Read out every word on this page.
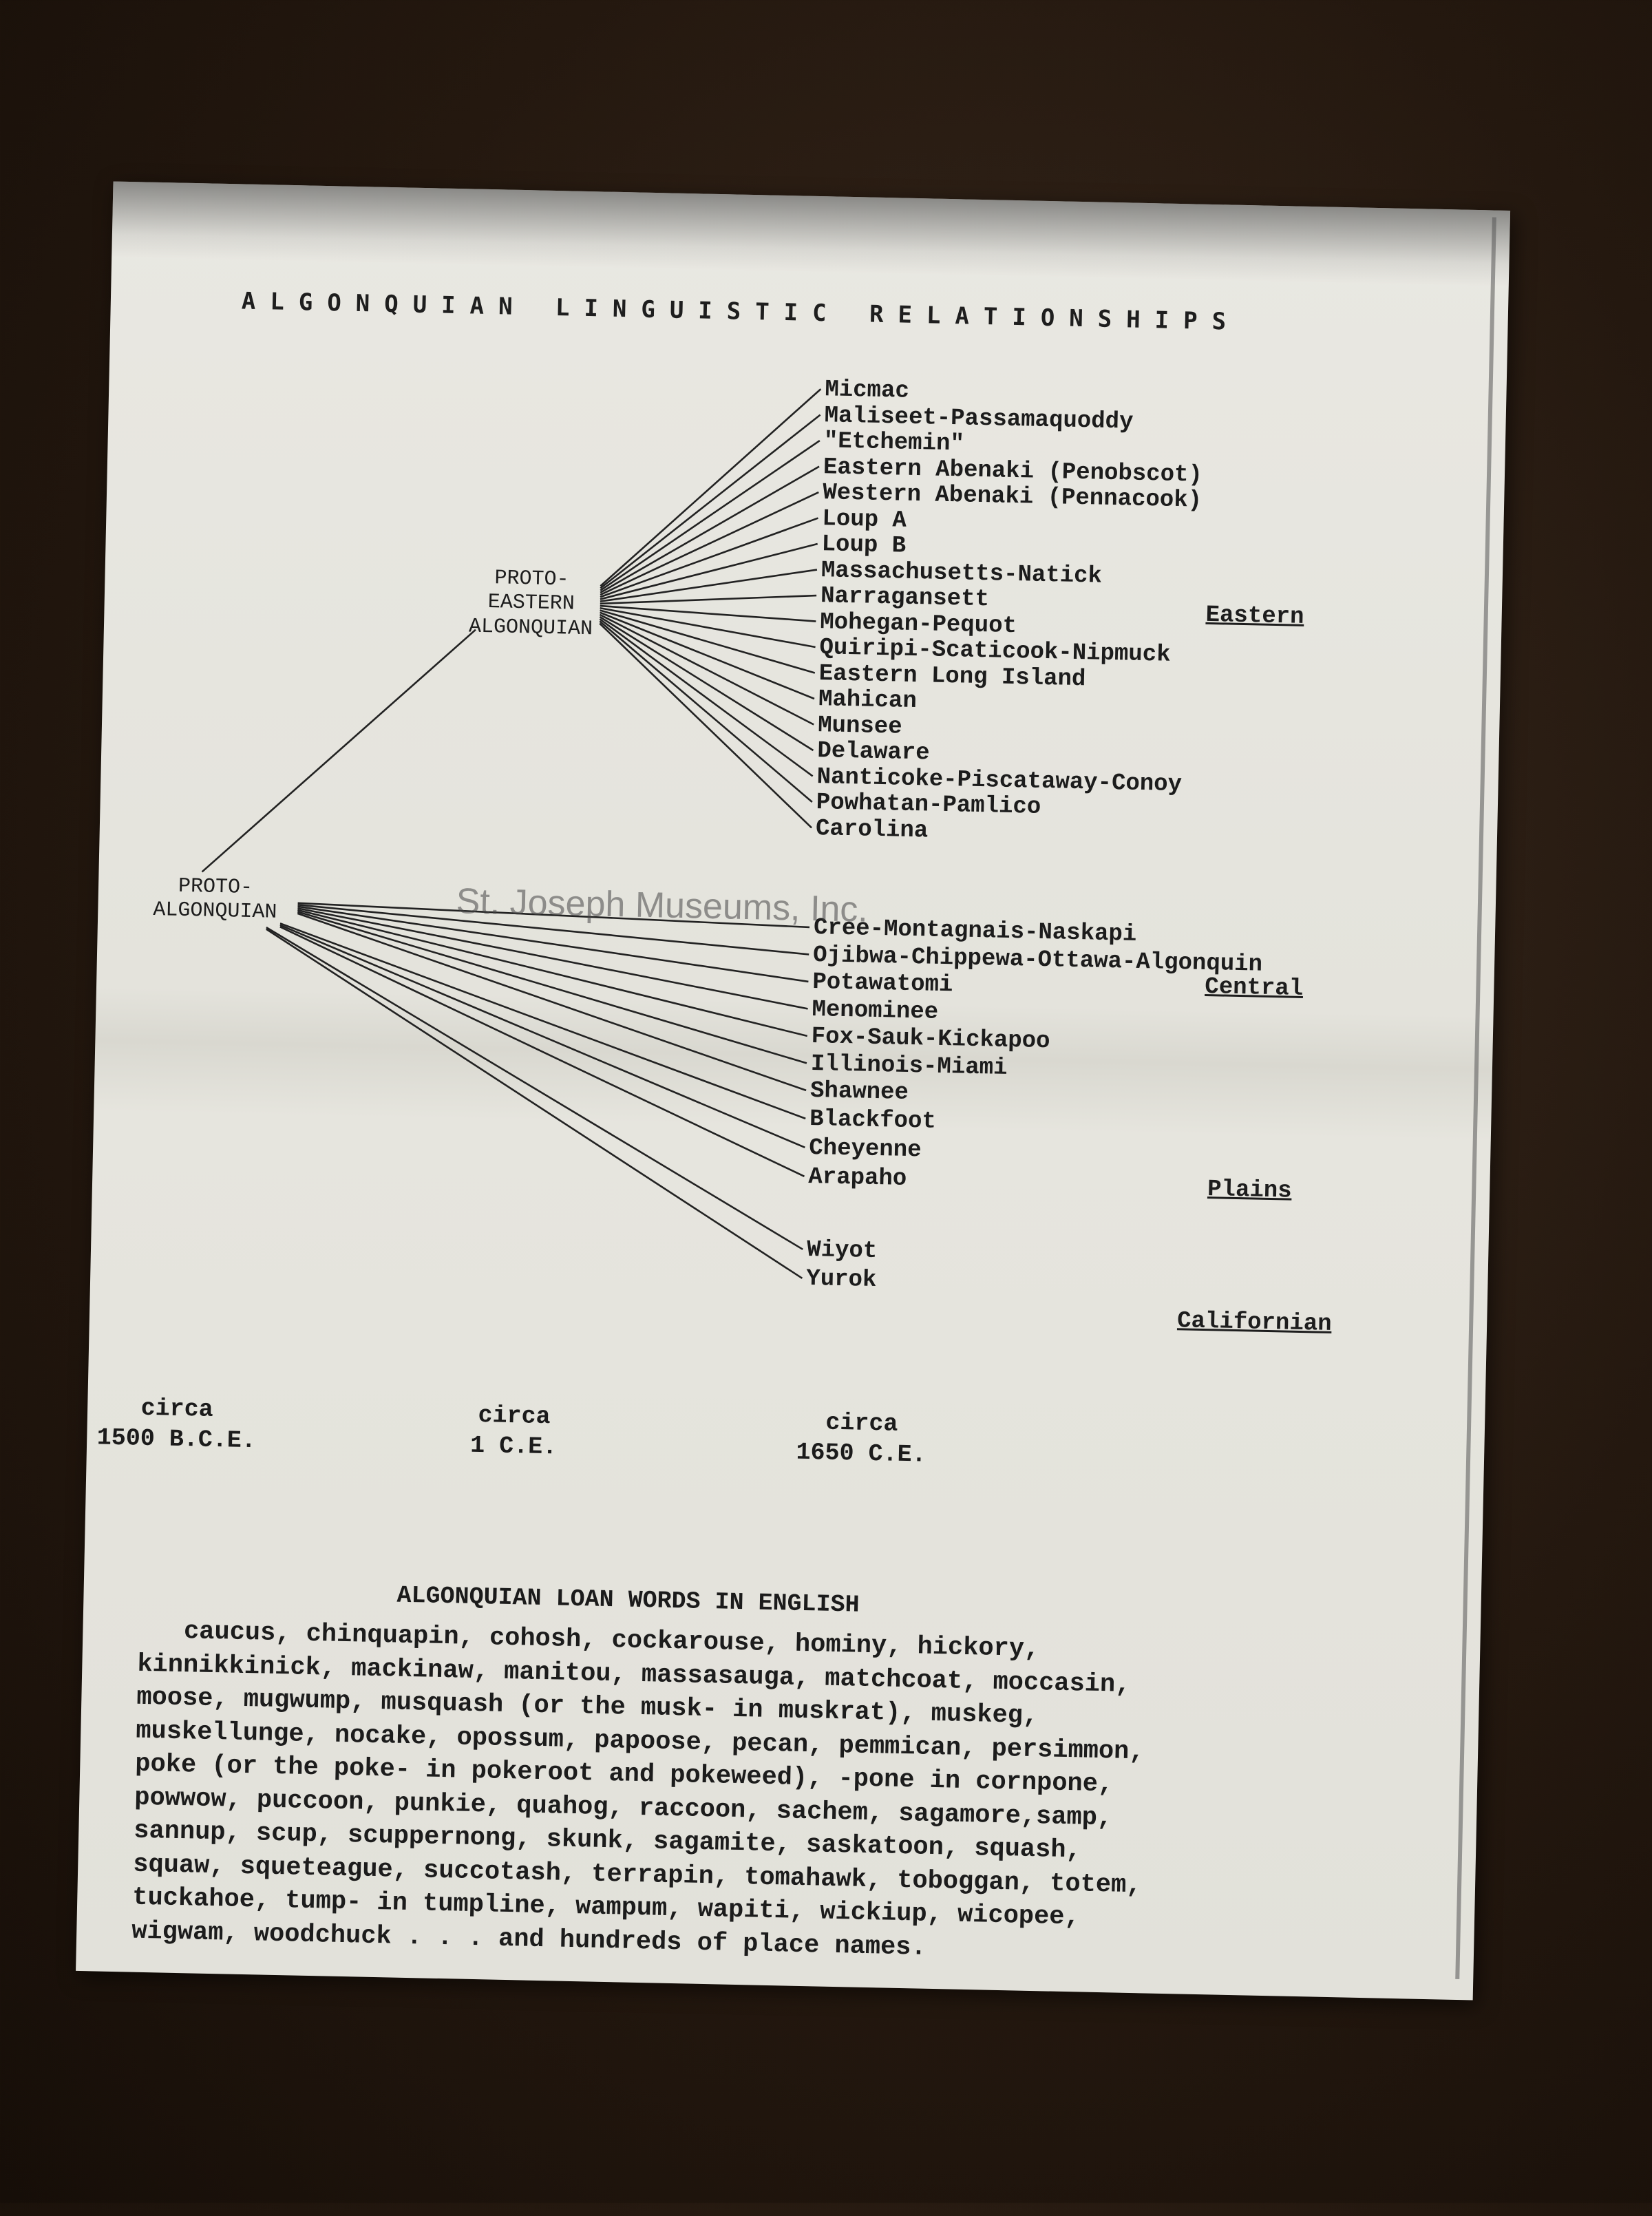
ALGONQUIAN LINGUISTIC RELATIONSHIPS
PROTO-
EASTERN
ALGONQUIAN
PROTO-
ALGONQUIAN
Micmac
Maliseet-Passamaquoddy
"Etchemin"
Eastern Abenaki (Penobscot)
Western Abenaki (Pennacook)
Loup A
Loup B
Massachusetts-Natick
Narragansett
Mohegan-Pequot
Quiripi-Scaticook-Nipmuck
Eastern Long Island
Mahican
Munsee
Delaware
Nanticoke-Piscataway-Conoy
Powhatan-Pamlico
Carolina
Cree-Montagnais-Naskapi
Ojibwa-Chippewa-Ottawa-Algonquin
Potawatomi
Menominee
Fox-Sauk-Kickapoo
Illinois-Miami
Shawnee
Blackfoot
Cheyenne
Arapaho
Wiyot
Yurok
Eastern
Central
Plains
Californian
St. Joseph Museums, Inc.
circa
1500 B.C.E.
circa
1 C.E.
circa
1650 C.E.
ALGONQUIAN LOAN WORDS IN ENGLISH
caucus, chinquapin, cohosh, cockarouse, hominy, hickory,
kinnikkinick, mackinaw, manitou, massasauga, matchcoat, moccasin,
moose, mugwump, musquash (or the musk- in muskrat), muskeg,
muskellunge, nocake, opossum, papoose, pecan, pemmican, persimmon,
poke (or the poke- in pokeroot and pokeweed), -pone in cornpone,
powwow, puccoon, punkie, quahog, raccoon, sachem, sagamore,samp,
sannup, scup, scuppernong, skunk, sagamite, saskatoon, squash,
squaw, squeteague, succotash, terrapin, tomahawk, toboggan, totem,
tuckahoe, tump- in tumpline, wampum, wapiti, wickiup, wicopee,
wigwam, woodchuck . . . and hundreds of place names.
